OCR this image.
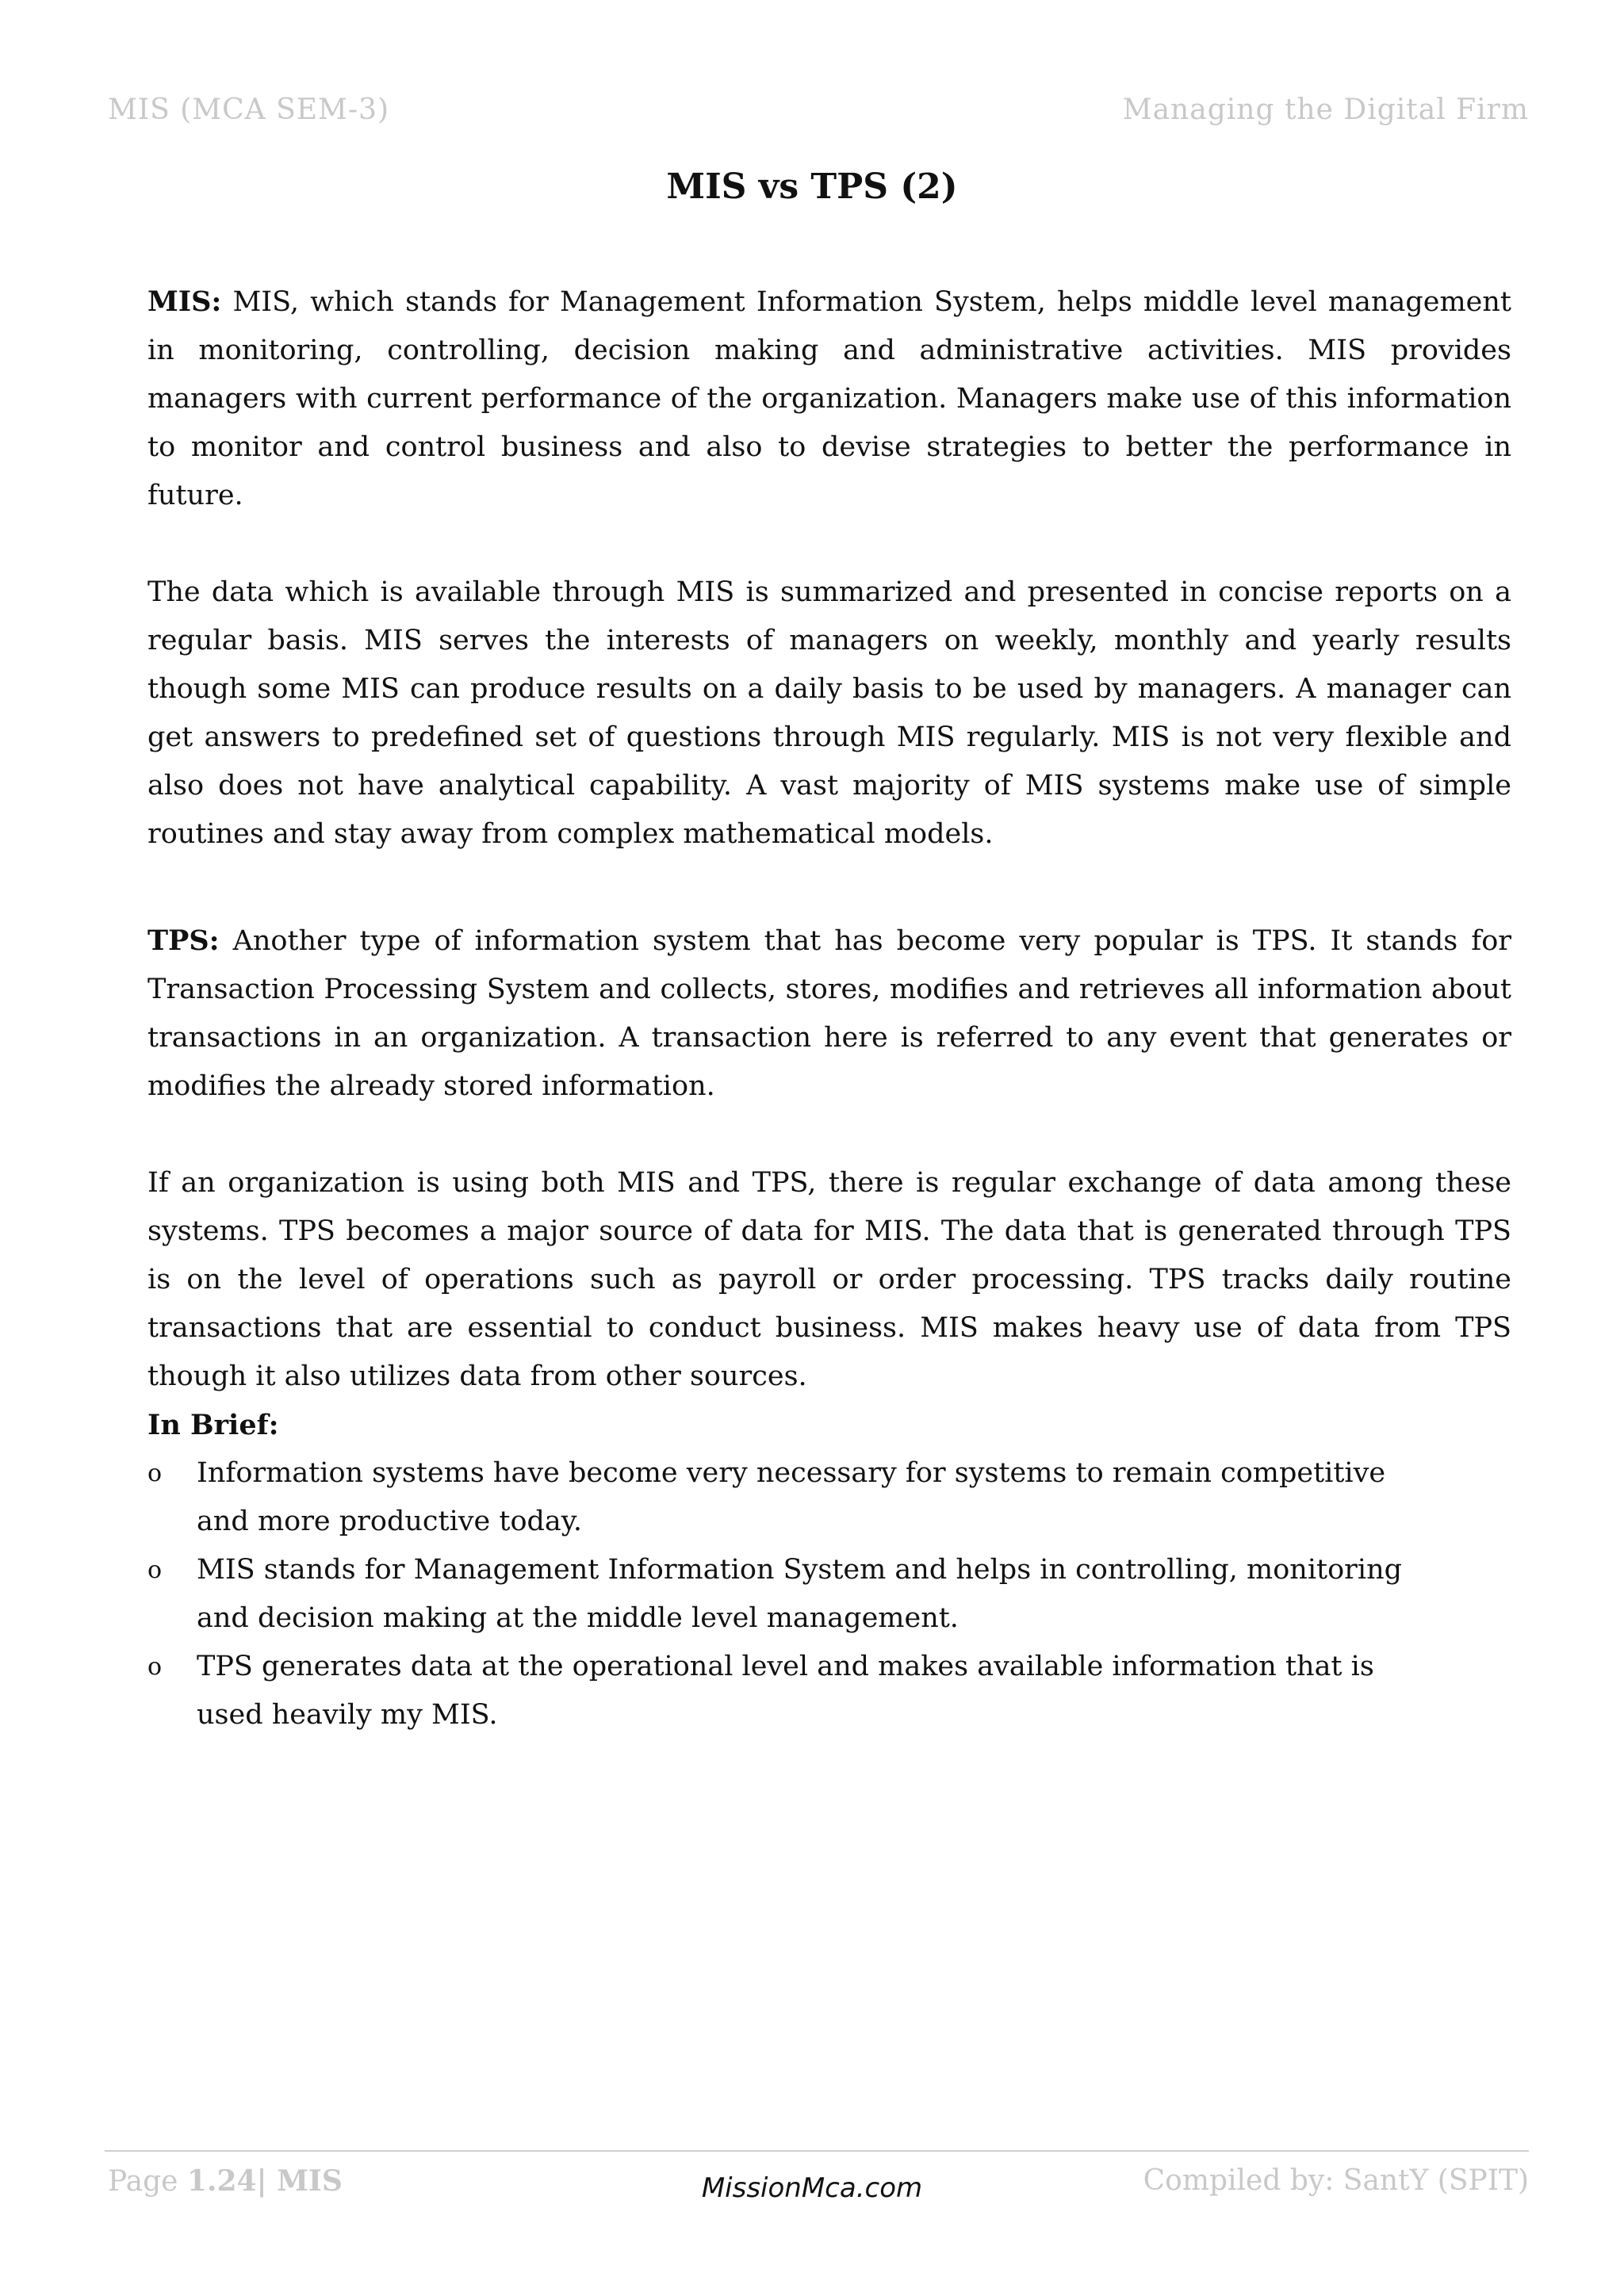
MIS (MCA SEM-3)	Managing the Digital Firm
MIS vs TPS (2)

MIS: MIS, which stands for Management Information System, helps middle level management in monitoring, controlling, decision making and administrative activities. MIS provides managers with current performance of the organization. Managers make use of this information to monitor and control business and also to devise strategies to better the performance in future.

The data which is available through MIS is summarized and presented in concise reports on a regular basis. MIS serves the interests of managers on weekly, monthly and yearly results though some MIS can produce results on a daily basis to be used by managers. A manager can get answers to predefined set of questions through MIS regularly. MIS is not very flexible and also does not have analytical capability. A vast majority of MIS systems make use of simple routines and stay away from complex mathematical models.

TPS: Another type of information system that has become very popular is TPS. It stands for Transaction Processing System and collects, stores, modifies and retrieves all information about transactions in an organization. A transaction here is referred to any event that generates or modifies the already stored information.

If an organization is using both MIS and TPS, there is regular exchange of data among these systems. TPS becomes a major source of data for MIS. The data that is generated through TPS is on the level of operations such as payroll or order processing. TPS tracks daily routine transactions that are essential to conduct business. MIS makes heavy use of data from TPS though it also utilizes data from other sources.

In Brief:

o Information systems have become very necessary for systems to remain competitive and more productive today.
o MIS stands for Management Information System and helps in controlling, monitoring and decision making at the middle level management.
o TPS generates data at the operational level and makes available information that is used heavily my MIS.
Page 1.24| MIS	MissionMca.com	Compiled by: SantY (SPIT)
